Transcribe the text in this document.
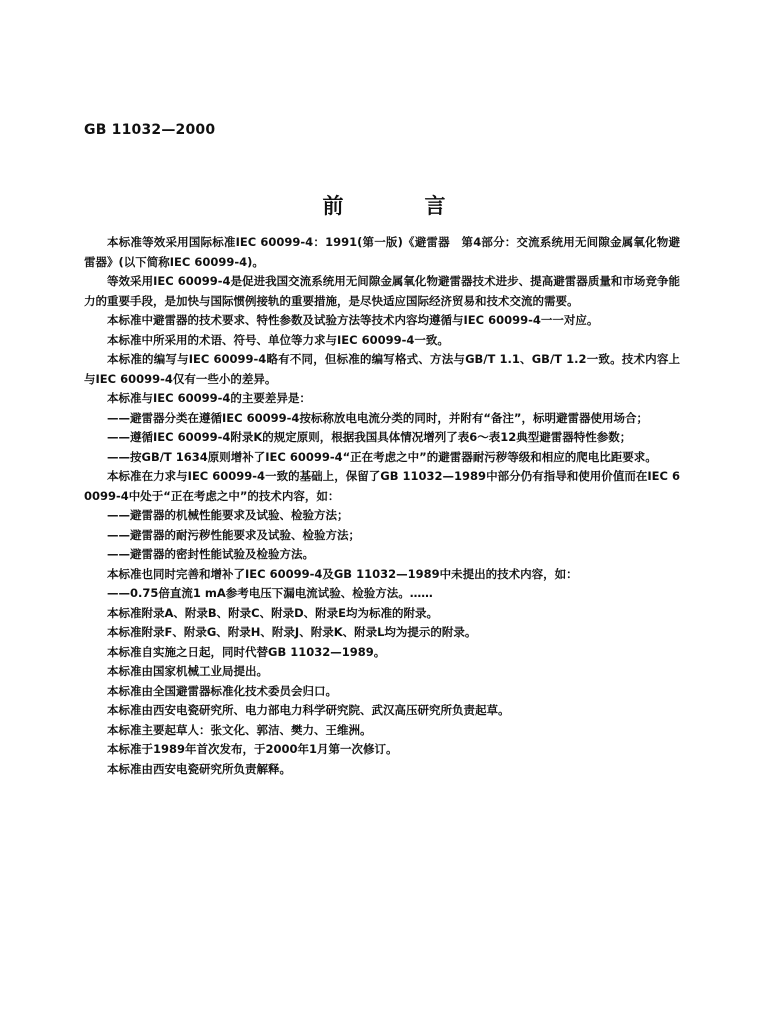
GB 11032—2000
前　言

本标准等效采用国际标准IEC 60099-4：1991(第一版)《避雷器　第4部分：交流系统用无间隙金属氧化物避雷器》(以下简称IEC 60099-4)。

等效采用IEC 60099-4是促进我国交流系统用无间隙金属氧化物避雷器技术进步、提高避雷器质量和市场竞争能力的重要手段，是加快与国际惯例接轨的重要措施，是尽快适应国际经济贸易和技术交流的需要。

本标准中避雷器的技术要求、特性参数及试验方法等技术内容均遵循与IEC 60099-4一一对应。

本标准中所采用的术语、符号、单位等力求与IEC 60099-4一致。

本标准的编写与IEC 60099-4略有不同，但标准的编写格式、方法与GB/T 1.1、GB/T 1.2一致。技术内容上与IEC 60099-4仅有一些小的差异。

本标准与IEC 60099-4的主要差异是：

——避雷器分类在遵循IEC 60099-4按标称放电电流分类的同时，并附有“备注”，标明避雷器使用场合；

——遵循IEC 60099-4附录K的规定原则，根据我国具体情况增列了表6～表12典型避雷器特性参数；

——按GB/T 1634原则增补了IEC 60099-4“正在考虑之中”的避雷器耐污秽等级和相应的爬电比距要求。

本标准在力求与IEC 60099-4一致的基础上，保留了GB 11032—1989中部分仍有指导和使用价值而在IEC 60099-4中处于“正在考虑之中”的技术内容，如：

——避雷器的机械性能要求及试验、检验方法；

——避雷器的耐污秽性能要求及试验、检验方法；

——避雷器的密封性能试验及检验方法。

本标准也同时完善和增补了IEC 60099-4及GB 11032—1989中未提出的技术内容，如：

——0.75倍直流1 mA参考电压下漏电流试验、检验方法。……

本标准附录A、附录B、附录C、附录D、附录E均为标准的附录。

本标准附录F、附录G、附录H、附录J、附录K、附录L均为提示的附录。

本标准自实施之日起，同时代替GB 11032—1989。

本标准由国家机械工业局提出。

本标准由全国避雷器标准化技术委员会归口。

本标准由西安电瓷研究所、电力部电力科学研究院、武汉高压研究所负责起草。

本标准主要起草人：张文化、郭洁、樊力、王维洲。

本标准于1989年首次发布，于2000年1月第一次修订。

本标准由西安电瓷研究所负责解释。
